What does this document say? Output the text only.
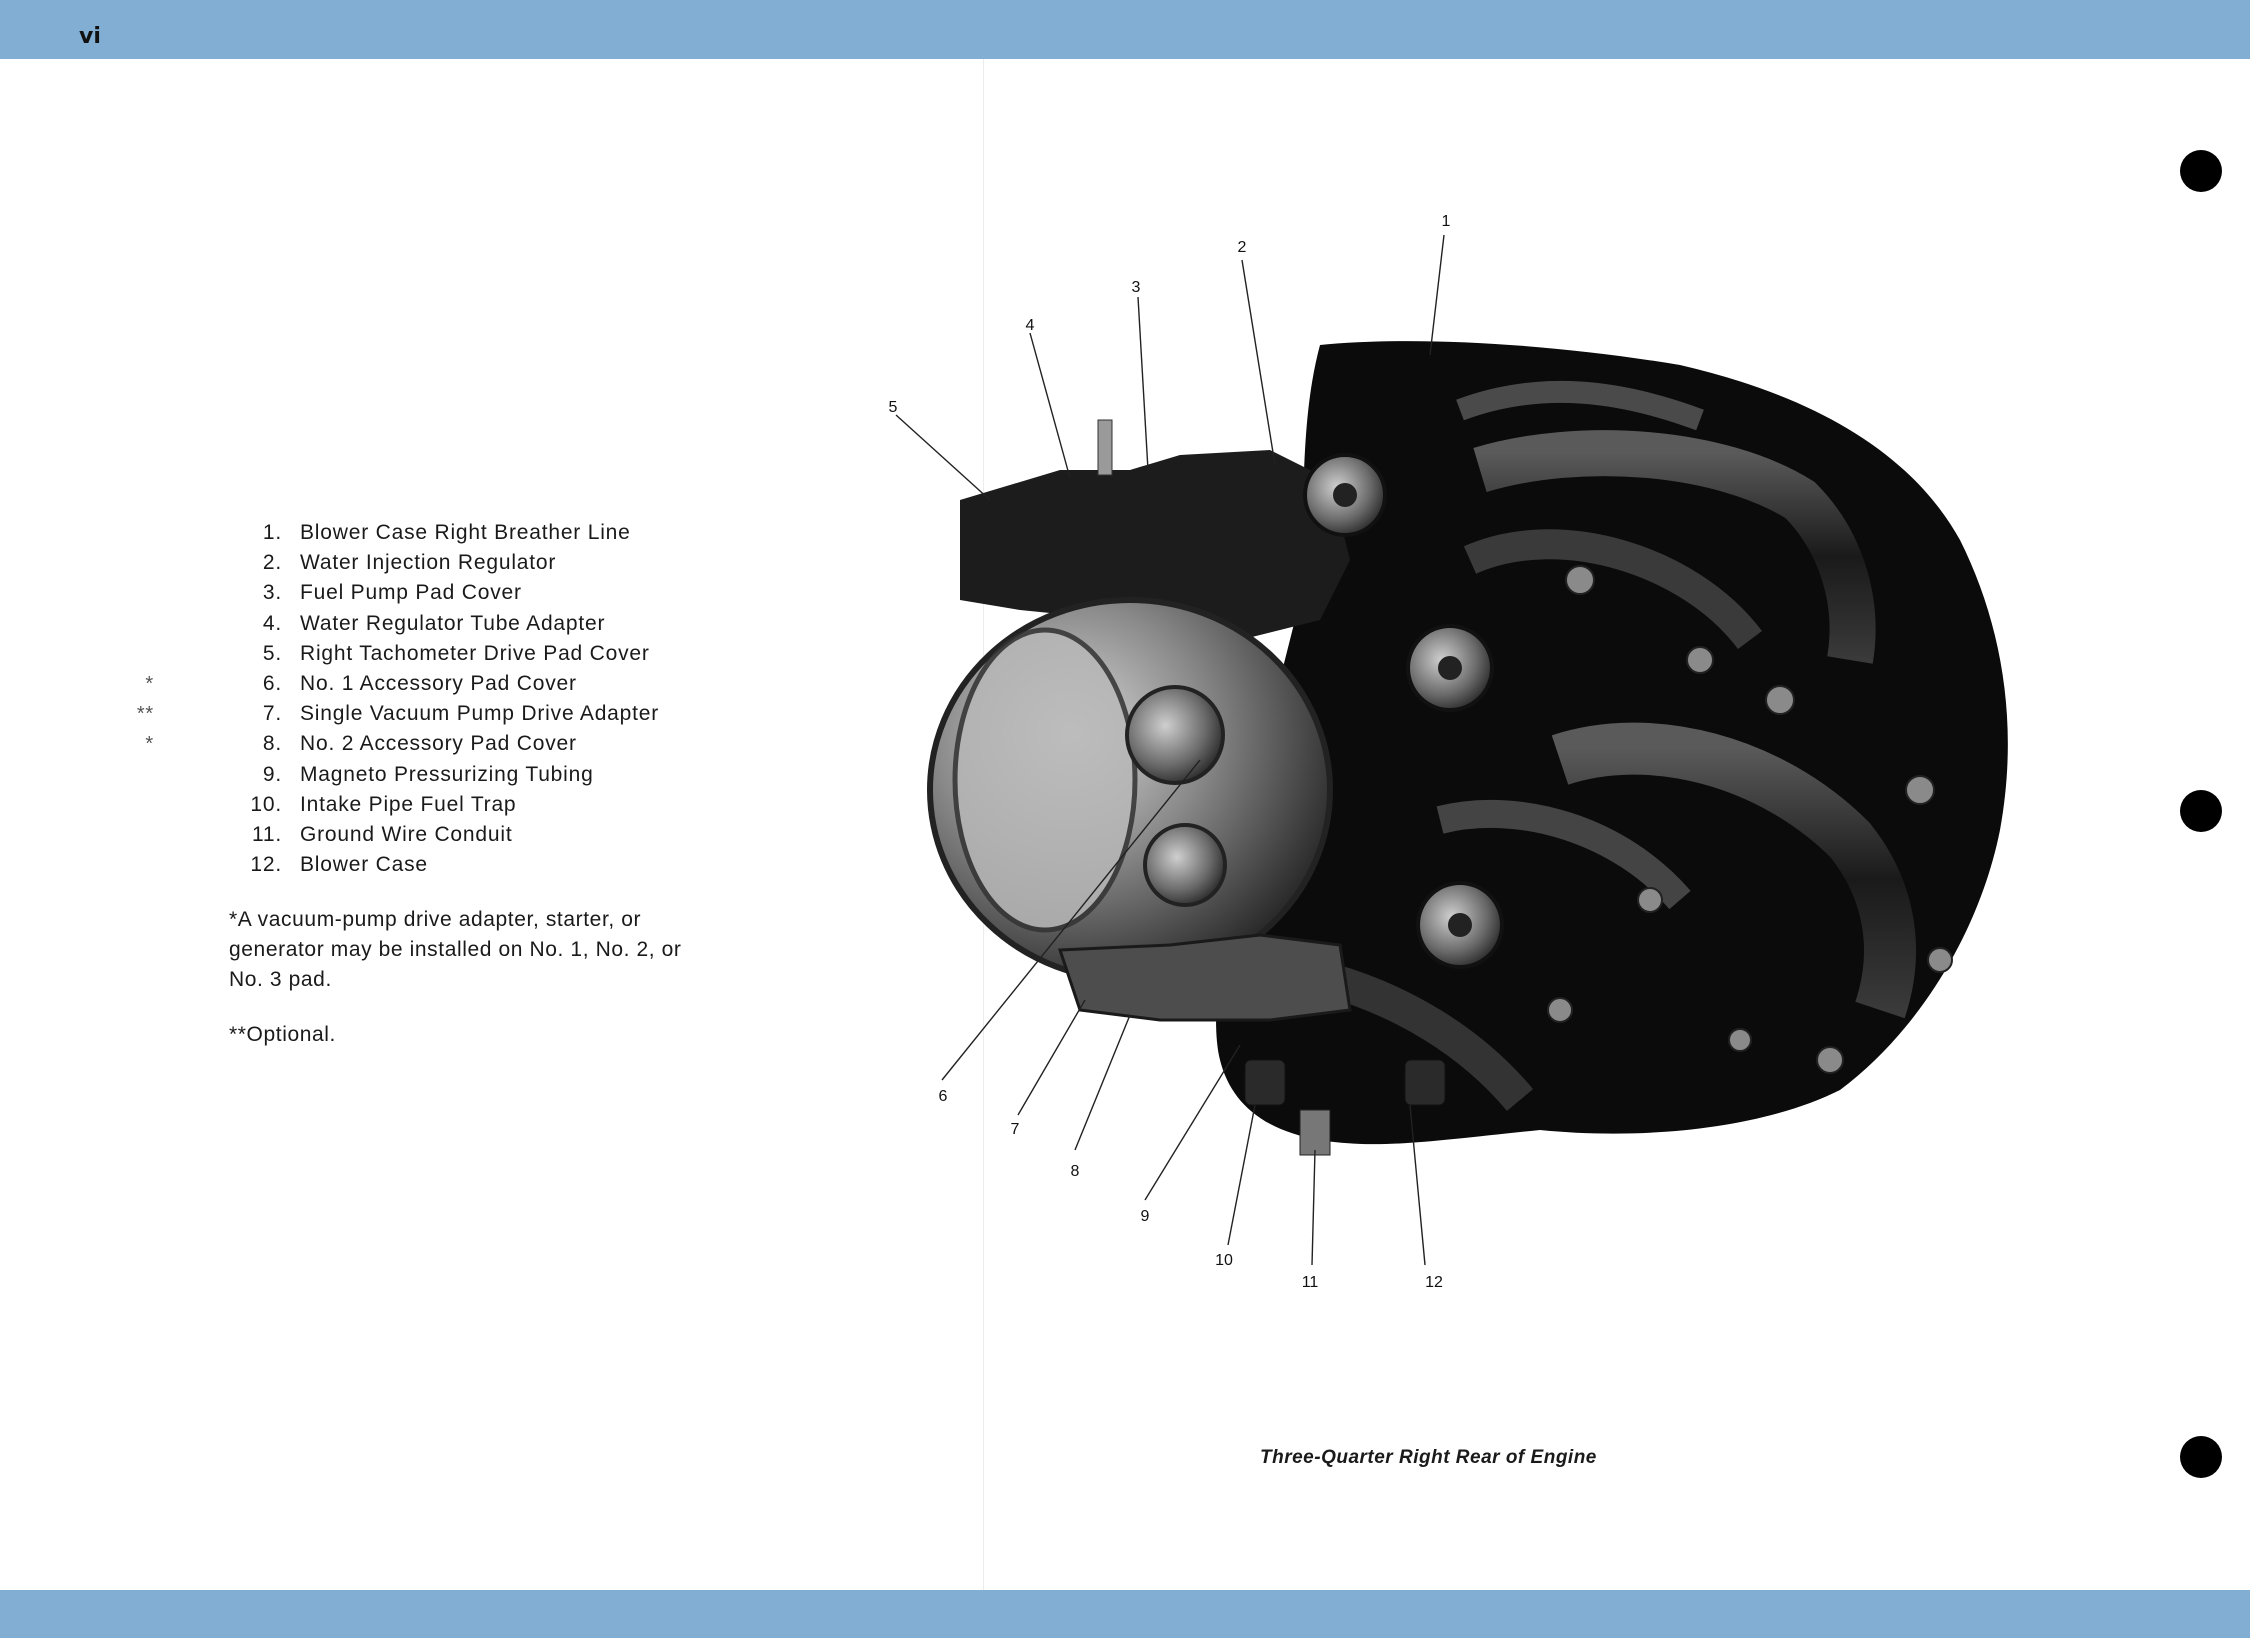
vi
1. Blower Case Right Breather Line
2. Water Injection Regulator
3. Fuel Pump Pad Cover
4. Water Regulator Tube Adapter
5. Right Tachometer Drive Pad Cover
*	6. No. 1 Accessory Pad Cover
**	7. Single Vacuum Pump Drive Adapter
*	8. No. 2 Accessory Pad Cover
9. Magneto Pressurizing Tubing
10. Intake Pipe Fuel Trap
11. Ground Wire Conduit
12. Blower Case
*A vacuum-pump drive adapter, starter, or generator may be installed on No. 1, No. 2, or No. 3 pad.
**Optional.
1
2
3
4
5
6
7
8
9
10
11	12
Three-Quarter Right Rear of Engine
